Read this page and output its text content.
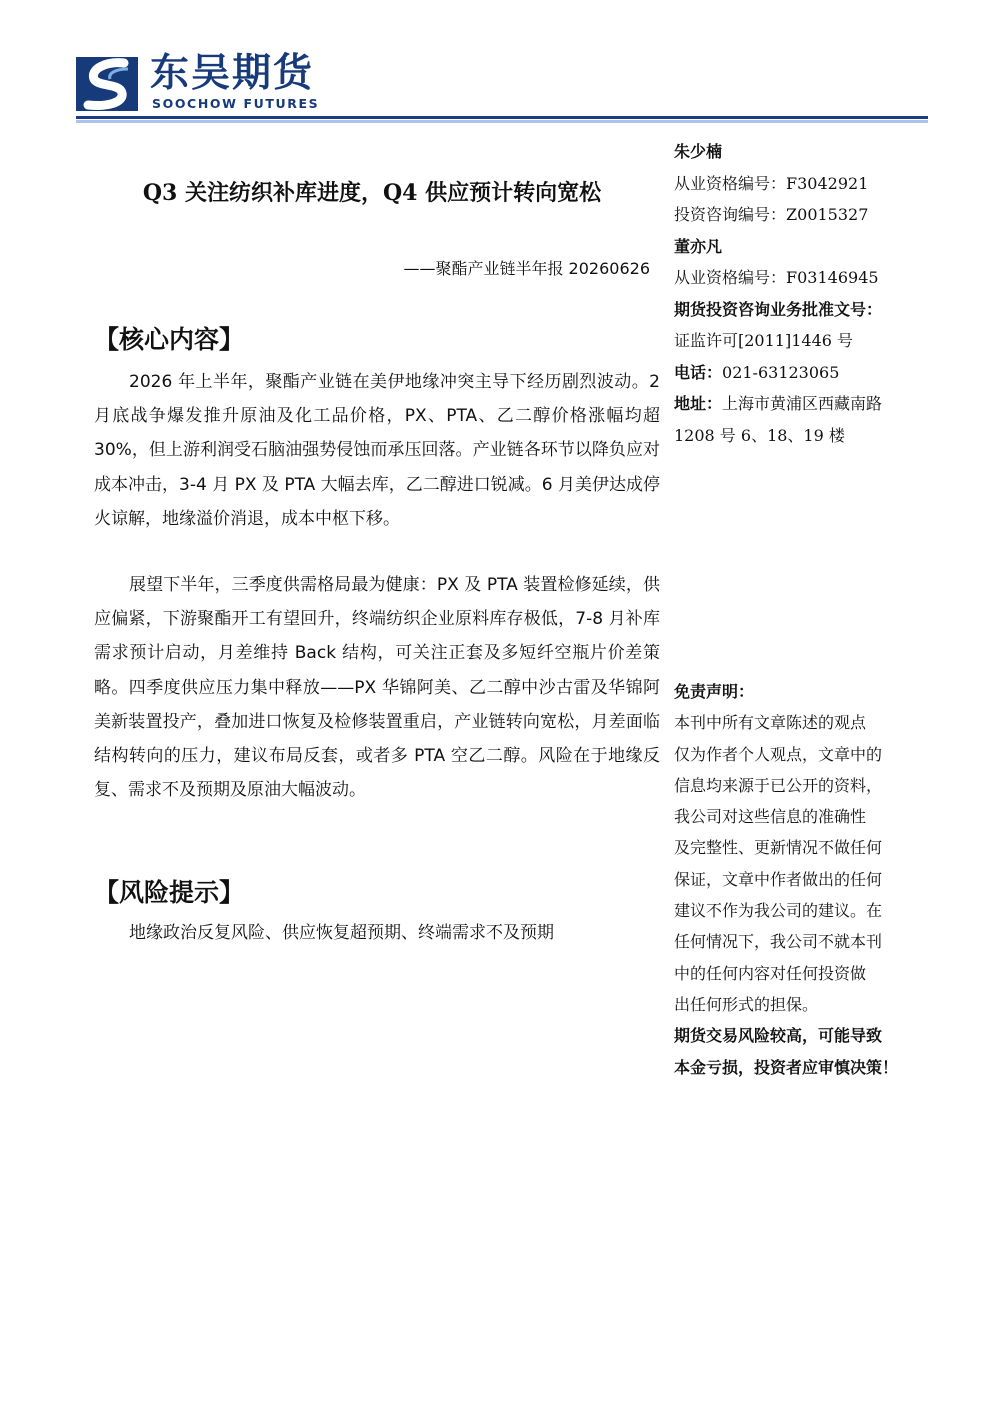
东吴期货
SOOCHOW FUTURES
Q3 关注纺织补库进度，Q4 供应预计转向宽松
——聚酯产业链半年报 20260626
【核心内容】

2026 年上半年，聚酯产业链在美伊地缘冲突主导下经历剧烈波动。2 月底战争爆发推升原油及化工品价格，PX、PTA、乙二醇价格涨幅均超 30%，但上游利润受石脑油强势侵蚀而承压回落。产业链各环节以降负应对成本冲击，3-4 月 PX 及 PTA 大幅去库，乙二醇进口锐减。6 月美伊达成停火谅解，地缘溢价消退，成本中枢下移。

展望下半年，三季度供需格局最为健康：PX 及 PTA 装置检修延续，供应偏紧，下游聚酯开工有望回升，终端纺织企业原料库存极低，7-8 月补库需求预计启动，月差维持 Back 结构，可关注正套及多短纤空瓶片价差策略。四季度供应压力集中释放——PX 华锦阿美、乙二醇中沙古雷及华锦阿美新装置投产，叠加进口恢复及检修装置重启，产业链转向宽松，月差面临结构转向的压力，建议布局反套，或者多 PTA 空乙二醇。风险在于地缘反复、需求不及预期及原油大幅波动。

【风险提示】

地缘政治反复风险、供应恢复超预期、终端需求不及预期

朱少楠
从业资格编号：F3042921
投资咨询编号：Z0015327
董亦凡
从业资格编号：F03146945
期货投资咨询业务批准文号：
证监许可[2011]1446 号
电话：021-63123065
地址：上海市黄浦区西藏南路
1208 号 6、18、19 楼
免责声明：
本刊中所有文章陈述的观点
仅为作者个人观点，文章中的
信息均来源于已公开的资料，
我公司对这些信息的准确性
及完整性、更新情况不做任何
保证，文章中作者做出的任何
建议不作为我公司的建议。在
任何情况下，我公司不就本刊
中的任何内容对任何投资做
出任何形式的担保。
期货交易风险较高，可能导致
本金亏损，投资者应审慎决策！
